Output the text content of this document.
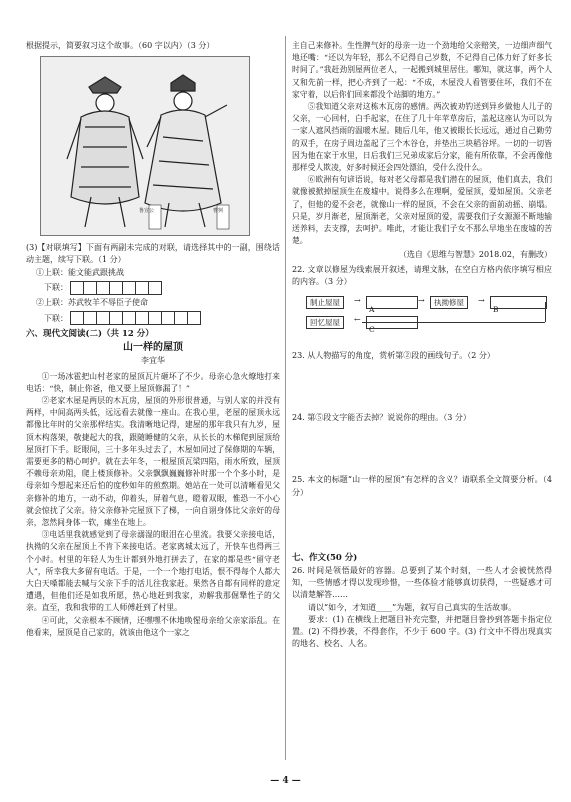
根据提示，简要叙习这个故事。（60 字以内）（3 分）

鲁宣公	曹刿

(3)【对联填写】下面有两副未完成的对联，请选择其中的一副，围绕话动主题，续写下联。（1 分）

①上联：能文能武跟挑战

下联：

②上联：苏武牧羊不辱臣子使命

下联：

六、现代文阅读(二)（共 12 分）

山一样的屋顶

李宜华

①一场冰雹把山村老家的屋顶瓦片砸坏了不少。母亲心急火燎地打来电话：“快，制止你爸，他又要上屋顶修漏了！”

②老家木屋是两层的木瓦房，屋顶的外形很普通，与别人家的并没有两样，中间高两头低，远远看去就像一座山。在我心里，老屋的屋顶永远都像比年时的父亲那样结实。我清晰地记得，建屋的那年我只有九岁，屋顶木构落架，敬捷起大的我，跟随睡健的父亲，从长长的木梯爬到屋顶给屋顶打下手。眨眼间，三十多年头过去了，木屋如同过了保修期的车辆，需要更多的精心呵护。就在去年冬，一根屋顶瓦梁四陷，雨水所致，屋顶不赖母亲劝阻，爬上楼顶修补。父亲飘飘巍巍修补时那一个个多小时，是母亲如今想起来还后怕的度秒如年的煎熬期。她站在一处可以清晰看见父亲修补的地方，一动不动，仰着头，屏着气息，瞪着双眼，惟恐一不小心就会惊扰了父亲。待父亲修补完屋顶下了梯，一向自诩身体比父亲好的母亲，忽然间身体一软，瘫坐在地上。

③电话里我就感觉到了母亲溺湿的眼泪在心里流。我要父亲接电话，执拗的父亲在屋顶上不肯下来接电话。老家离城太远了，开快车也得两三个小时。村里的年轻人为生计都到外地打拼去了，在家的都是些“留守老人”，所幸我大多留有电话。于是，一个一个地打电话，恨不得每个人都大大白天嗓都能去喊与父亲下手的活儿往我家赶。果然各自都有同样的意定遭遇，但他们还是如我所愿，热心地赶到我家，劝解我那倔犟性子的父亲。直至，我和我带的工人师傅赶到了村里。

④可此，父亲根本不顾情，还嘿嘿不休地唤惺母亲给父亲家添乱。在他看来，屋顶是自己家的，就该由他这个一家之

主自己来修补。生性脾气好的母亲一边一个劲地给父亲赔笑，一边细声细气地还嘴：“还以为年轻，那么不记得自己岁数，不记得自己体力好了好多长时间了。”我赶劲别屋两位老人，一起搬到城里居住。哪知，就这事，两个人又和先前一样，把心齐到了一起：“不成，木屋没人看管要住坏，我们不在家守着，以后你们回来都没个站脚的地方。”

⑤我知道父亲对这栋木瓦房的感情。两次被劝钓送到异乡做他人儿子的父亲，一心回村，白手起家，在住了几十年苹草房后，盖起这座认为可以为一家人遮风挡雨的温暖木屋。随后几年，他又被眼长长远远，通过自己勤劳的双手，在房子周边盖起了三个木谷仓，并垫出三块稻谷坪。一切的一切皆因为他在家于水里，日后我们三兄弟成家后分家，能有所依靠，不会再像他那样受人欺凌，好多时候还会四处漂泊，受什么没什么。

⑥欧洲有句谚语说，每对老父母都是我们潜在的屋顶，他们真去，我们就像被掀掉屋顶生在废墟中。说得多么在理啊，爱屋顶，爱如屋顶。父亲老了，但他的爱不会老，就像山一样的屋顶，不会在父亲的面前动摇、崩塌。只是，岁月渐老，屋顶渐老，父亲对屋顶的爱，需要我们子女源源不断地输送养料，去支撑，去呵护。唯此，才能让我们子女不那么早地坐在废墟的苦楚。

（选自《思维与智慧》2018.02，有删改）

22. 文章以修屋为线索展开叙述，请理文脉，在空白方格内依序填写相应的内容。（3 分）

制止屋屋	→
A
→	执拗修屋	→
B
回忆屋屋	←
C

23. 从人物描写的角度，赏析第②段的画线句子。（2 分）

24. 第⑤段文字能否去掉？说说你的理由。（3 分）

25. 本文的标题“山一样的屋顶”有怎样的含义？请联系全文简要分析。（4 分）

七、作文(50 分)

26. 时间是领悟最好的容器。总要到了某个时刻，一些人才会被恍然得知，一些情感才得以发现珍惜，一些体验才能够真切获得，一些疑惑才可以清楚解答……

请以“如今，才知道____”为题，叙写自己真实的生活故事。

要求：(1) 在横线上把题目补充完整，并把题目誊抄到答题卡指定位置。(2) 不得抄袭，不得套作，不少于 600 字。(3) 行文中不得出现真实的地名、校名、人名。

— 4 —
